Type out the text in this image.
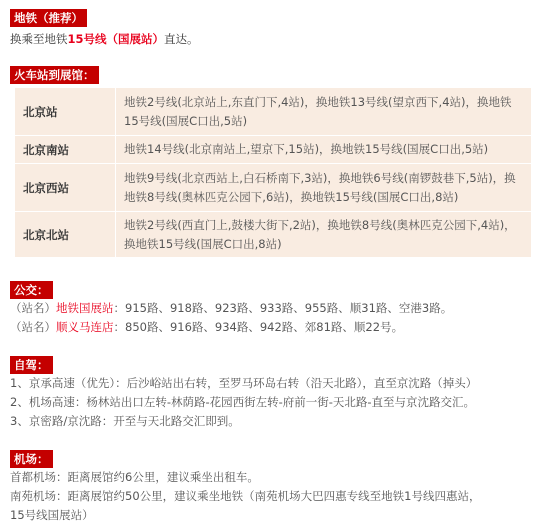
地铁（推荐）
换乘至地铁15号线（国展站）直达。
火车站到展馆：
北京站	地铁2号线(北京站上,东直门下,4站)，换地铁13号线(望京西下,4站)，换地铁15号线(国展C口出,5站)
北京南站	地铁14号线(北京南站上,望京下,15站)，换地铁15号线(国展C口出,5站)
北京西站	地铁9号线(北京西站上,白石桥南下,3站)，换地铁6号线(南锣鼓巷下,5站)，换地铁8号线(奥林匹克公园下,6站)，换地铁15号线(国展C口出,8站)
北京北站	地铁2号线(西直门上,鼓楼大街下,2站)，换地铁8号线(奥林匹克公园下,4站)，换地铁15号线(国展C口出,8站)
公交：
（站名）地铁国展站：915路、918路、923路、933路、955路、顺31路、空港3路。
（站名）顺义马连店：850路、916路、934路、942路、郊81路、顺22号。
自驾：
1、京承高速（优先）：后沙峪站出右转，至罗马环岛右转（沿天北路），直至京沈路（掉头）
2、机场高速：杨林站出口左转-林荫路-花园西街左转-府前一街-天北路-直至与京沈路交汇。
3、京密路/京沈路：开至与天北路交汇即到。
机场：
首都机场：距离展馆约6公里，建议乘坐出租车。
南苑机场：距离展馆约50公里，建议乘坐地铁（南苑机场大巴四惠专线至地铁1号线四惠站，
15号线国展站）
